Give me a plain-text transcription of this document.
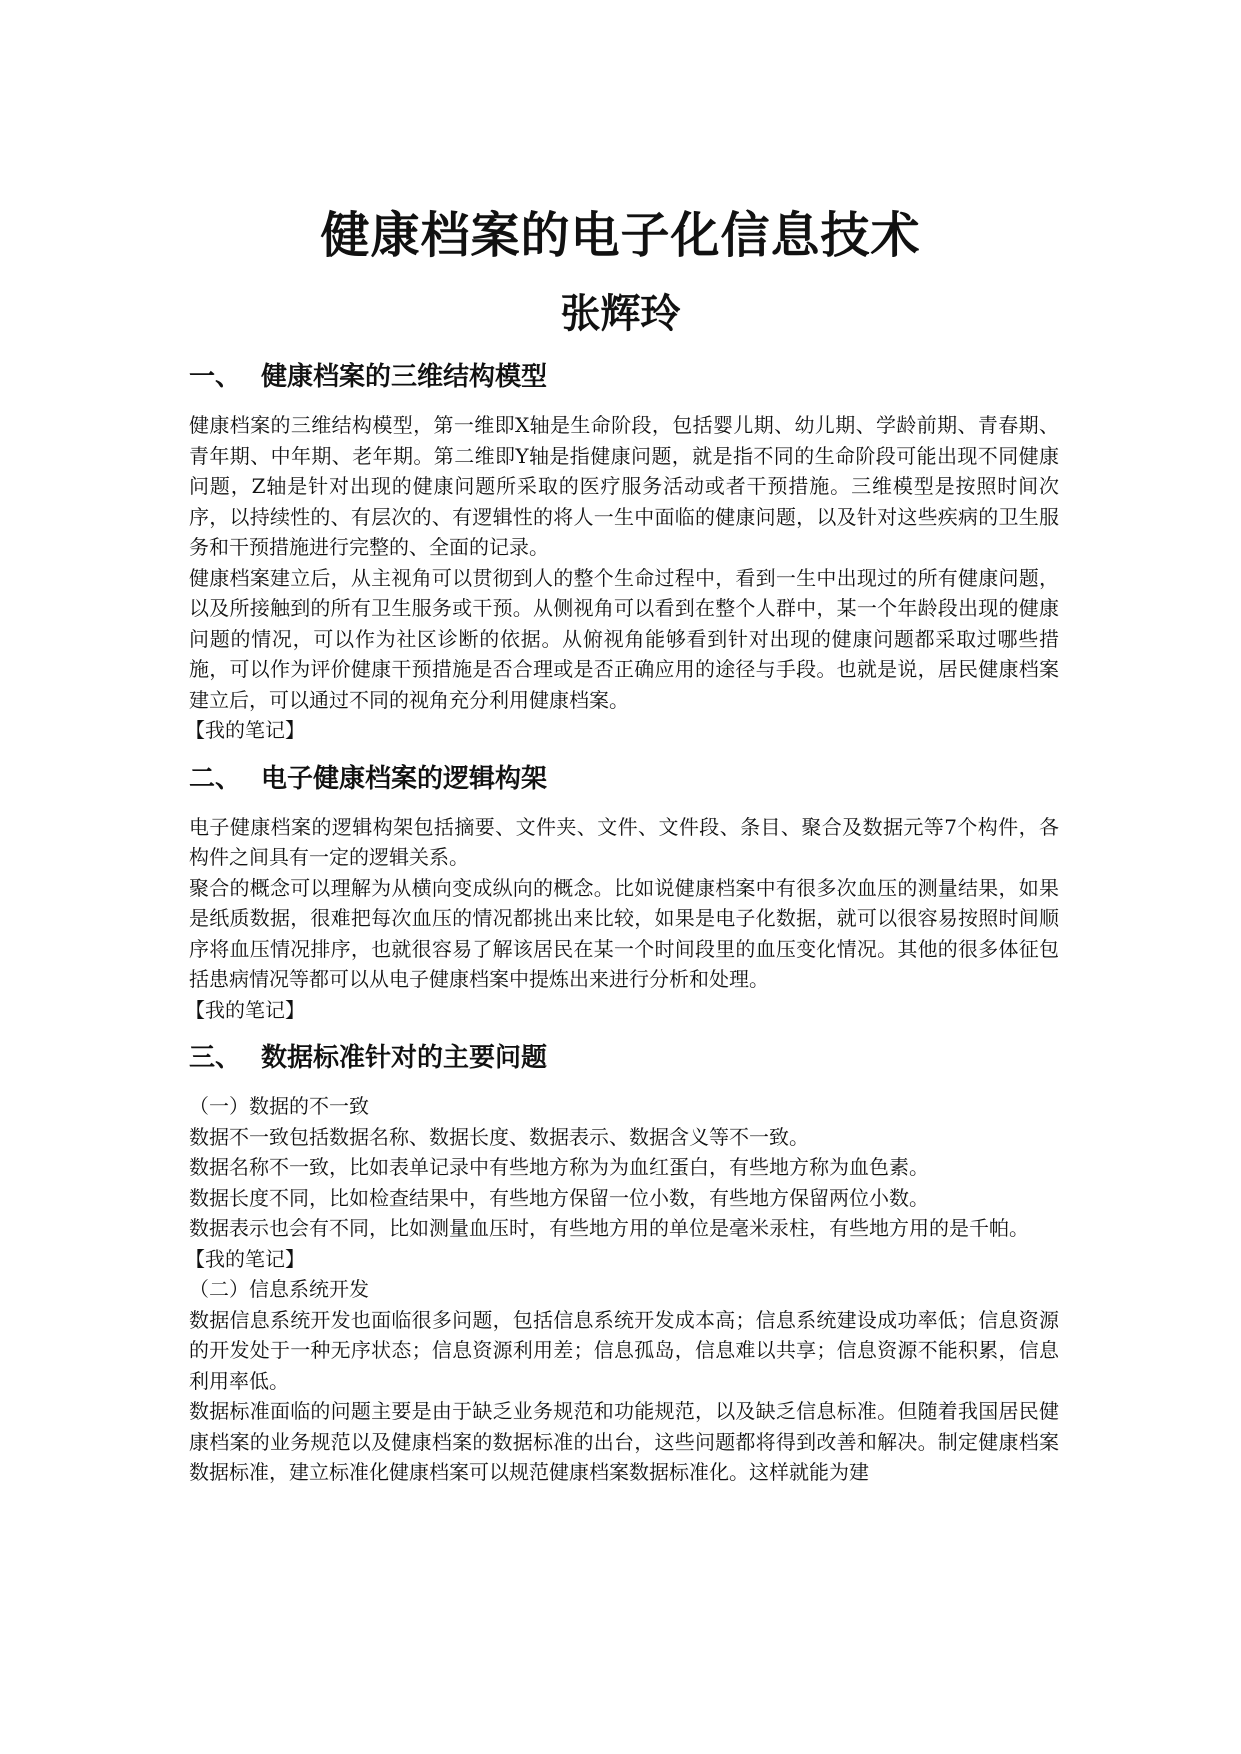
健康档案的电子化信息技术
张辉玲
一、 健康档案的三维结构模型

健康档案的三维结构模型，第一维即X轴是生命阶段，包括婴儿期、幼儿期、学龄前期、青春期、青年期、中年期、老年期。第二维即Y轴是指健康问题，就是指不同的生命阶段可能出现不同健康问题，Z轴是针对出现的健康问题所采取的医疗服务活动或者干预措施。三维模型是按照时间次序，以持续性的、有层次的、有逻辑性的将人一生中面临的健康问题，以及针对这些疾病的卫生服务和干预措施进行完整的、全面的记录。

健康档案建立后，从主视角可以贯彻到人的整个生命过程中，看到一生中出现过的所有健康问题，以及所接触到的所有卫生服务或干预。从侧视角可以看到在整个人群中，某一个年龄段出现的健康问题的情况，可以作为社区诊断的依据。从俯视角能够看到针对出现的健康问题都采取过哪些措施，可以作为评价健康干预措施是否合理或是否正确应用的途径与手段。也就是说，居民健康档案建立后，可以通过不同的视角充分利用健康档案。

【我的笔记】

二、 电子健康档案的逻辑构架

电子健康档案的逻辑构架包括摘要、文件夹、文件、文件段、条目、聚合及数据元等7个构件，各构件之间具有一定的逻辑关系。

聚合的概念可以理解为从横向变成纵向的概念。比如说健康档案中有很多次血压的测量结果，如果是纸质数据，很难把每次血压的情况都挑出来比较，如果是电子化数据，就可以很容易按照时间顺序将血压情况排序，也就很容易了解该居民在某一个时间段里的血压变化情况。其他的很多体征包括患病情况等都可以从电子健康档案中提炼出来进行分析和处理。

【我的笔记】

三、 数据标准针对的主要问题

（一）数据的不一致

数据不一致包括数据名称、数据长度、数据表示、数据含义等不一致。

数据名称不一致，比如表单记录中有些地方称为为血红蛋白，有些地方称为血色素。

数据长度不同，比如检查结果中，有些地方保留一位小数，有些地方保留两位小数。

数据表示也会有不同，比如测量血压时，有些地方用的单位是毫米汞柱，有些地方用的是千帕。

【我的笔记】

（二）信息系统开发

数据信息系统开发也面临很多问题，包括信息系统开发成本高；信息系统建设成功率低；信息资源的开发处于一种无序状态；信息资源利用差；信息孤岛，信息难以共享；信息资源不能积累，信息利用率低。

数据标准面临的问题主要是由于缺乏业务规范和功能规范，以及缺乏信息标准。但随着我国居民健康档案的业务规范以及健康档案的数据标准的出台，这些问题都将得到改善和解决。制定健康档案数据标准，建立标准化健康档案可以规范健康档案数据标准化。这样就能为建
